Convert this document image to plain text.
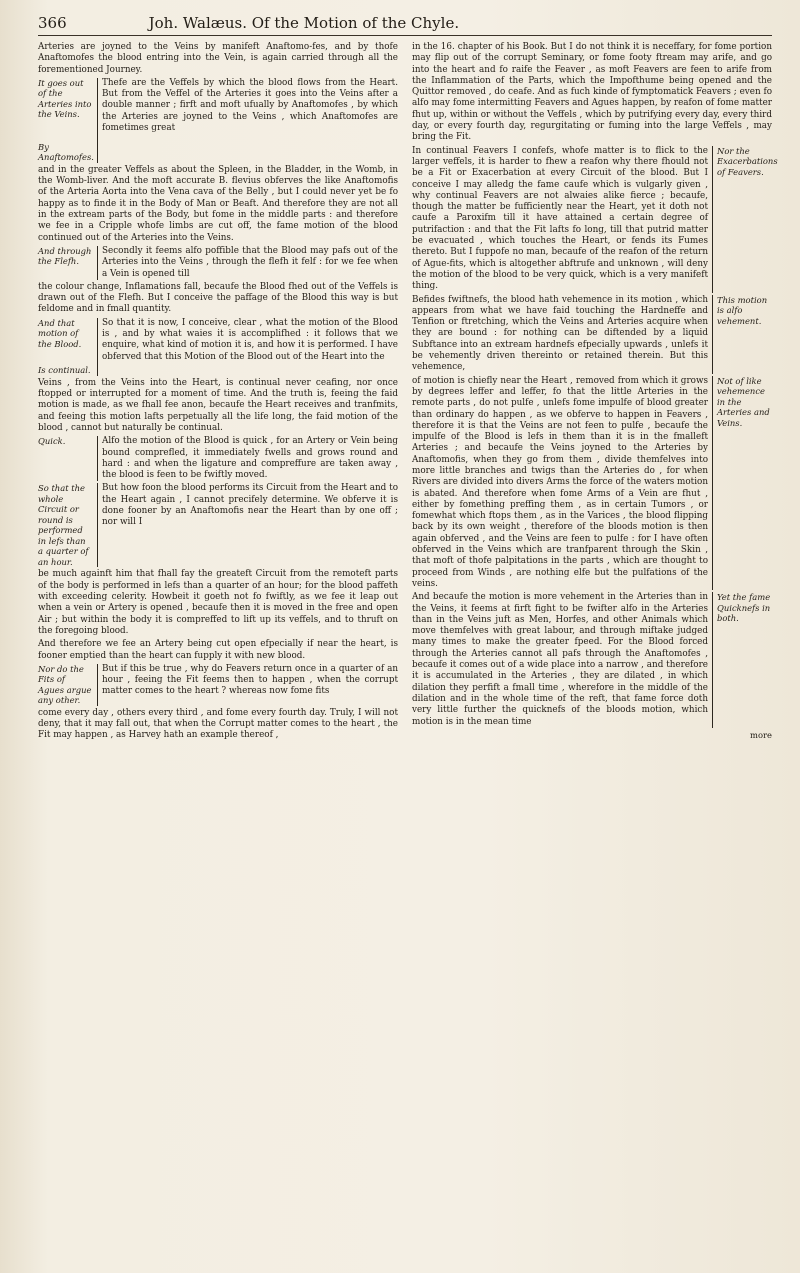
366	Joh. Walæus. Of the Motion of the Chyle.

Arteries are joyned to the Veins by manifeft Anaftomo-fes, and by thofe Anaftomofes the blood entring into the Vein, is again carried through all the forementioned Journey.

It goes out of the Arteries into the Veins.
By Anaftomofes.
Thefe are the Veffels by which the blood flows from the Heart. But from the Veffel of the Arteries it goes into the Veins after a double manner ; firft and moft ufually by Anaftomofes , by which the Arteries are joyned to the Veins , which Anaftomofes are fometimes great

and in the greater Veffels as about the Spleen, in the Bladder, in the Womb, in the Womb-liver. And the moft accurate B. flevius obferves the like Anaftomofis of the Arteria Aorta into the Vena cava of the Belly , but I could never yet be fo happy as to finde it in the Body of Man or Beaft. And therefore they are not all in the extream parts of the Body, but fome in the middle parts : and therefore we fee in a Cripple whofe limbs are cut off, the fame motion of the blood continued out of the Arteries into the Veins.

And through the Flefh.
Secondly it feems alfo poffible that the Blood may pafs out of the Arteries into the Veins , through the flefh it felf : for we fee when a Vein is opened till

the colour change, Inflamations fall, becaufe the Blood fhed out of the Veffels is drawn out of the Flefh. But I conceive the paffage of the Blood this way is but feldome and in fmall quantity.

And that motion of the Blood.
Is continual.
So that it is now, I conceive, clear , what the motion of the Blood is , and by what waies it is accomplifhed : it follows that we enquire, what kind of motion it is, and how it is performed. I have obferved that this Motion of the Blood out of the Heart into the

Veins , from the Veins into the Heart, is continual never ceafing, nor once ftopped or interrupted for a moment of time. And the truth is, feeing the faid motion is made, as we fhall fee anon, becaufe the Heart receives and tranfmits, and feeing this motion lafts perpetually all the life long, the faid motion of the blood , cannot but naturally be continual.

Quick.	Alfo the motion of the Blood is quick , for an Artery or Vein being bound comprefled, it immediately fwells and grows round and hard : and when the ligature and compreffure are taken away , the blood is feen to be fwiftly moved.
So that the whole Circuit or round is performed in lefs than a quarter of an hour.
But how foon the blood performs its Circuit from the Heart and to the Heart again , I cannot precifely determine. We obferve it is done fooner by an Anaftomofis near the Heart than by one off ; nor will I

be much againft him that fhall fay the greateft Circuit from the remoteft parts of the body is performed in lefs than a quarter of an hour; for the blood paffeth with exceeding celerity. Howbeit it goeth not fo fwiftly, as we fee it leap out when a vein or Artery is opened , becaufe then it is moved in the free and open Air ; but within the body it is compreffed to lift up its veffels, and to thruft on the foregoing blood.

And therefore we fee an Artery being cut open efpecially if near the heart, is fooner emptied than the heart can fupply it with new blood.

Nor do the Fits of Agues argue any other.
But if this be true , why do Feavers return once in a quarter of an hour , feeing the Fit feems then to happen , when the corrupt matter comes to the heart ? whereas now fome fits

come every day , others every third , and fome every fourth day. Truly, I will not deny, that it may fall out, that when the Corrupt matter comes to the heart , the Fit may happen , as Harvey hath an example thereof ,

in the 16. chapter of his Book. But I do not think it is neceffary, for fome portion may flip out of the corrupt Seminary, or fome footy ftream may arife, and go into the heart and fo raife the Feaver , as moft Feavers are feen to arife from the Inflammation of the Parts, which the Impofthume being opened and the Quittor removed , do ceafe. And as fuch kinde of fymptomatick Feavers ; even fo alfo may fome intermitting Feavers and Agues happen, by reafon of fome matter fhut up, within or without the Veffels , which by putrifying every day, every third day, or every fourth day, regurgitating or fuming into the large Veffels , may bring the Fit.

Nor the Exacerbations of Feavers.
In continual Feavers I confefs, whofe matter is to flick to the larger veffels, it is harder to fhew a reafon why there fhould not be a Fit or Exacerbation at every Circuit of the blood. But I conceive I may alledg the fame caufe which is vulgarly given , why continual Feavers are not alwaies alike fierce ; becaufe, though the matter be fufficiently near the Heart, yet it doth not caufe a Paroxifm till it have attained a certain degree of putrifaction : and that the Fit lafts fo long, till that putrid matter be evacuated , which touches the Heart, or fends its Fumes thereto. But I fuppofe no man, becaufe of the reafon of the return of Ague-fits, which is altogether abftrufe and unknown , will deny the motion of the blood to be very quick, which is a very manifeft thing.
This motion is alfo vehement.
Befides fwiftnefs, the blood hath vehemence in its motion , which appears from what we have faid touching the Hardneffe and Tenfion or ftretching, which the Veins and Arteries acquire when they are bound : for nothing can be diftended by a liquid Subftance into an extream hardnefs efpecially upwards , unlefs it be vehemently driven thereinto or retained therein. But this vehemence,
Not of like vehemence in the Arteries and Veins.
of motion is chiefly near the Heart , removed from which it grows by degrees leffer and leffer, fo that the little Arteries in the remote parts , do not pulfe , unlefs fome impulfe of blood greater than ordinary do happen , as we obferve to happen in Feavers , therefore it is that the Veins are not feen to pulfe , becaufe the impulfe of the Blood is lefs in them than it is in the fmalleft Arteries ; and becaufe the Veins joyned to the Arteries by Anaftomofis, when they go from them , divide themfelves into more little branches and twigs than the Arteries do , for when Rivers are divided into divers Arms the force of the waters motion is abated. And therefore when fome Arms of a Vein are fhut , either by fomething preffing them , as in certain Tumors , or fomewhat which ftops them , as in the Varices , the blood flipping back by its own weight , therefore of the bloods motion is then again obferved , and the Veins are feen to pulfe : for I have often obferved in the Veins which are tranfparent through the Skin , that moft of thofe palpitations in the parts , which are thought to proceed from Winds , are nothing elfe but the pulfations of the veins.
Yet the fame Quicknefs in both.
And becaufe the motion is more vehement in the Arteries than in the Veins, it feems at firft fight to be fwifter alfo in the Arteries than in the Veins juft as Men, Horfes, and other Animals which move themfelves with great labour, and through miftake judged many times to make the greater fpeed. For the Blood forced through the Arteries cannot all pafs through the Anaftomofes , becaufe it comes out of a wide place into a narrow , and therefore it is accumulated in the Arteries , they are dilated , in which dilation they perfift a fmall time , wherefore in the middle of the dilation and in the whole time of the reft, that fame force doth very little further the quicknefs of the bloods motion, which motion is in the mean time
more
